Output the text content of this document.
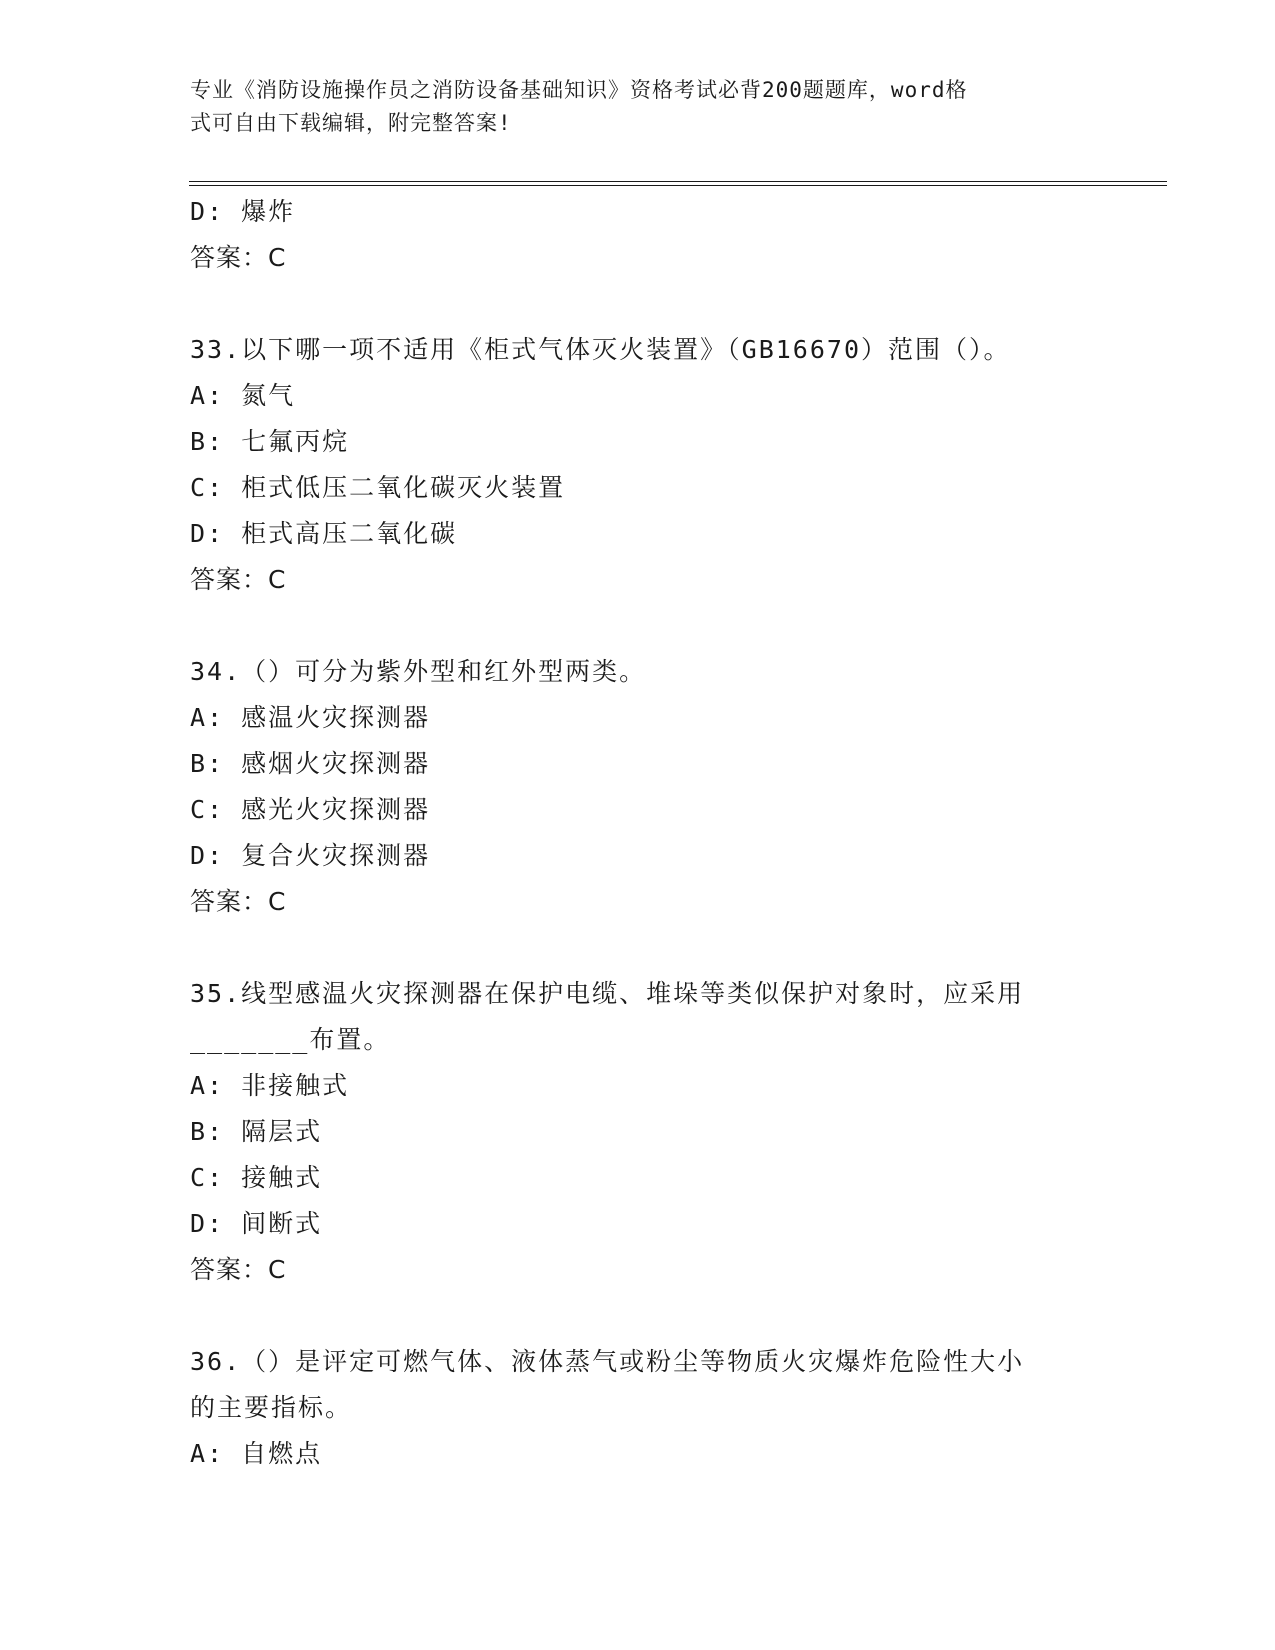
专业《消防设施操作员之消防设备基础知识》资格考试必背200题题库，word格
式可自由下载编辑，附完整答案!
D: 爆炸
答案：C
33.以下哪一项不适用《柜式气体灭火装置》（GB16670）范围（）。
A: 氮气
B: 七氟丙烷
C: 柜式低压二氧化碳灭火装置
D: 柜式高压二氧化碳
答案：C
34.（）可分为紫外型和红外型两类。
A: 感温火灾探测器
B: 感烟火灾探测器
C: 感光火灾探测器
D: 复合火灾探测器
答案：C
35.线型感温火灾探测器在保护电缆、堆垛等类似保护对象时，应采用
_______布置。
A: 非接触式
B: 隔层式
C: 接触式
D: 间断式
答案：C
36.（）是评定可燃气体、液体蒸气或粉尘等物质火灾爆炸危险性大小
的主要指标。
A: 自燃点
